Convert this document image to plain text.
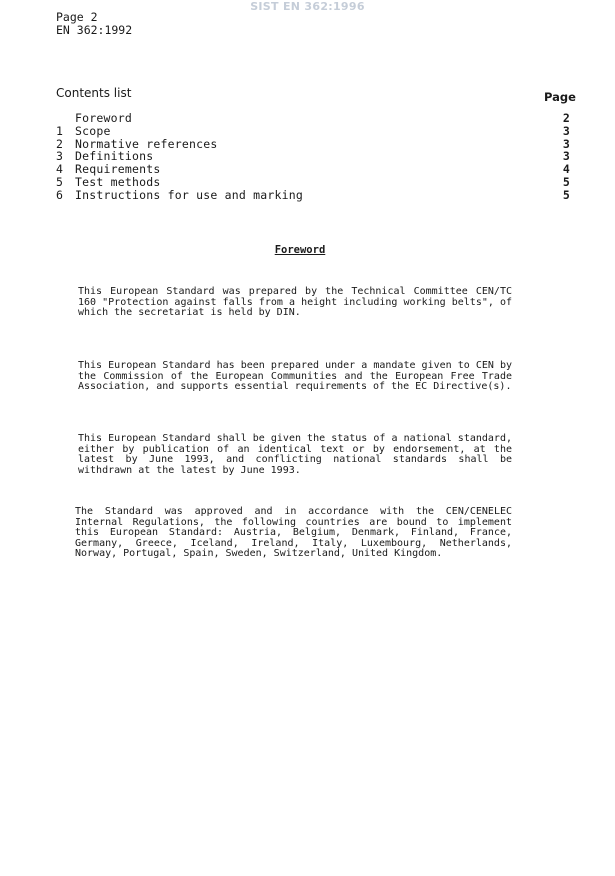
SIST EN 362:1996
Page 2
EN 362:1992
Contents list	Page
Foreword	2
1	Scope	3
2	Normative references	3
3	Definitions	3
4	Requirements	4
5	Test methods	5
6	Instructions for use and marking	5
Foreword

This European Standard was prepared by the Technical Committee CEN/TC 160 "Protection against falls from a height including working belts", of which the secretariat is held by DIN.

This European Standard has been prepared under a mandate given to CEN by the Commission of the European Communities and the European Free Trade Association, and supports essential requirements of the EC Directive(s).

This European Standard shall be given the status of a national standard, either by publication of an identical text or by endorsement, at the latest by June 1993, and conflicting national standards shall be withdrawn at the latest by June 1993.

The Standard was approved and in accordance with the CEN/CENELEC Internal Regulations, the following countries are bound to implement this European Standard: Austria, Belgium, Denmark, Finland, France, Germany, Greece, Iceland, Ireland, Italy, Luxembourg, Netherlands, Norway, Portugal, Spain, Sweden, Switzerland, United Kingdom.
